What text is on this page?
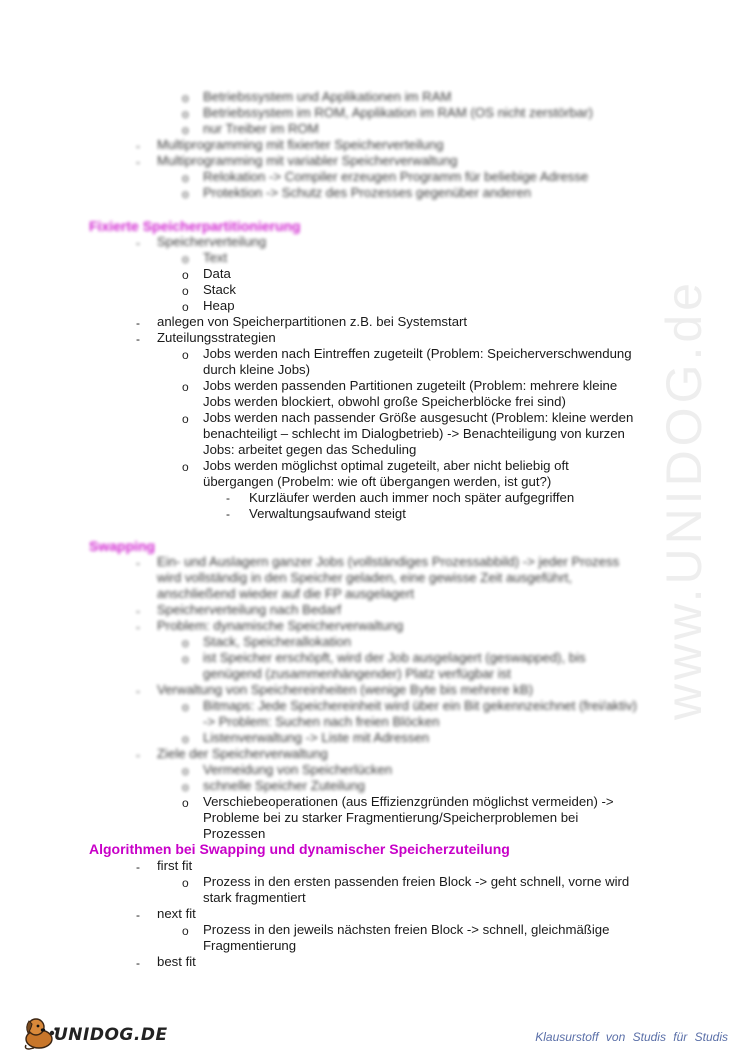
www.UNIDOG.de
o Betriebssystem und Applikationen im RAM
o Betriebssystem im ROM, Applikation im RAM (OS nicht zerstörbar)
o nur Treiber im ROM
- Multiprogramming mit fixierter Speicherverteilung
- Multiprogramming mit variabler Speicherverwaltung
o Relokation -> Compiler erzeugen Programm für beliebige Adresse
o Protektion -> Schutz des Prozesses gegenüber anderen
Fixierte Speicherpartitionierung
- Speicherverteilung
o Text
o Data
o Stack
o Heap
- anlegen von Speicherpartitionen z.B. bei Systemstart
- Zuteilungsstrategien
o Jobs werden nach Eintreffen zugeteilt (Problem: Speicherverschwendung
durch kleine Jobs)
o Jobs werden passenden Partitionen zugeteilt (Problem: mehrere kleine
Jobs werden blockiert, obwohl große Speicherblöcke frei sind)
o Jobs werden nach passender Größe ausgesucht (Problem: kleine werden
benachteiligt – schlecht im Dialogbetrieb) -> Benachteiligung von kurzen
Jobs: arbeitet gegen das Scheduling
o Jobs werden möglichst optimal zugeteilt, aber nicht beliebig oft
übergangen (Probelm: wie oft übergangen werden, ist gut?)
- Kurzläufer werden auch immer noch später aufgegriffen
- Verwaltungsaufwand steigt
Swapping
- Ein- und Auslagern ganzer Jobs (vollständiges Prozessabbild) -> jeder Prozess
wird vollständig in den Speicher geladen, eine gewisse Zeit ausgeführt,
anschließend wieder auf die FP ausgelagert
- Speicherverteilung nach Bedarf
- Problem: dynamische Speicherverwaltung
o Stack, Speicherallokation
o ist Speicher erschöpft, wird der Job ausgelagert (geswapped), bis
genügend (zusammenhängender) Platz verfügbar ist
- Verwaltung von Speichereinheiten (wenige Byte bis mehrere kB)
o Bitmaps: Jede Speichereinheit wird über ein Bit gekennzeichnet (frei/aktiv)
-> Problem: Suchen nach freien Blöcken
o Listenverwaltung -> Liste mit Adressen
- Ziele der Speicherverwaltung
o Vermeidung von Speicherlücken
o schnelle Speicher Zuteilung
o Verschiebeoperationen (aus Effizienzgründen möglichst vermeiden) ->
Probleme bei zu starker Fragmentierung/Speicherproblemen bei
Prozessen
Algorithmen bei Swapping und dynamischer Speicherzuteilung
- first fit
o Prozess in den ersten passenden freien Block -> geht schnell, vorne wird
stark fragmentiert
- next fit
o Prozess in den jeweils nächsten freien Block -> schnell, gleichmäßige
Fragmentierung
- best fit
UNIDOG.DE	Klausurstoff von Studis für Studis
